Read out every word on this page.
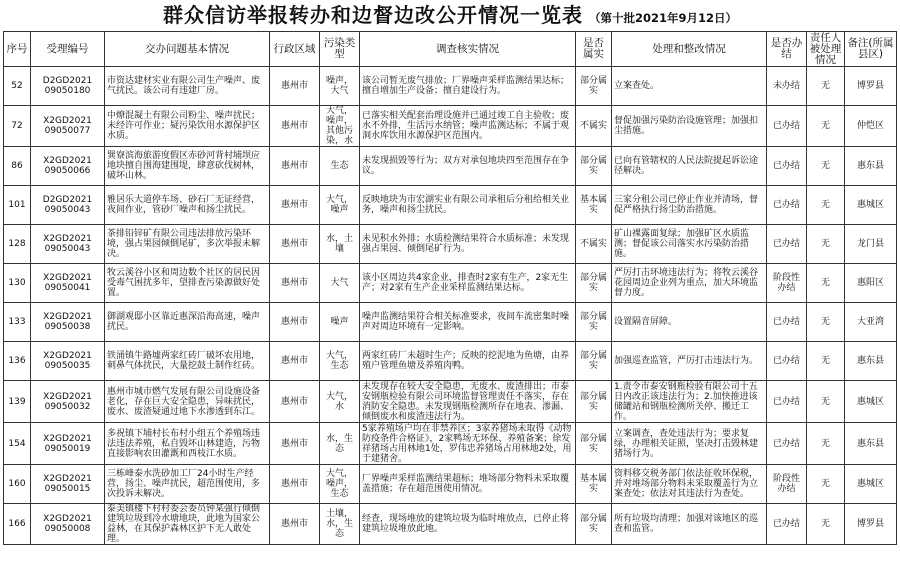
群众信访举报转办和边督边改公开情况一览表 （第十批2021年9月12日）
序号	受理编号	交办问题基本情况	行政区域	污染类型	调查核实情况	是否属实	处理和整改情况	是否办结	责任人被处理情况	备注(所属县区)
52	D2GD2021 09050180	市资达建材实业有限公司生产噪声、废气扰民。该公司有违建厂房。	惠州市	噪声，大气	该公司暂无废气排放；厂界噪声采样监测结果达标；擅自增加生产设备；擅自建设行为。	部分属实	立案查处。	未办结	无	博罗县
72	X2GD2021 09050077	中燎混凝土有限公司粉尘、噪声扰民；未经许可作业；疑污染饮用水源保护区水质。	惠州市	大气，噪声，其他污染，水	已落实相关配套治理设施并已通过竣工自主验收；废水不外排，生活污水纳管；噪声监测达标；不属于观洞水库饮用水源保护区范围内。	不属实	督促加强污染防治设施管理；加强扣尘措施。	已办结	无	仲恺区
86	X2GD2021 09050066	巽寮滨海旅游度假区赤砂河背村埔坝应地块擅自围海建围堤，肆意砍伐树林，破坏山林。	惠州市	生态	未发现损毁等行为；双方对承包地块四至范围存在争议。	部分属实	已向有管辖权的人民法院提起诉讼途径解决。	已办结	无	惠东县
101	D2GD2021 09050043	雅居乐大道停车场、砂石厂无证经营，夜间作业，管砂厂噪声和扬尘扰民。	惠州市	大气，噪声	反映地块为市宏湖实业有限公司承租后分租给相关业务，噪声和扬尘扰民。	基本属实	三家分租公司已停止作业并清场，督促严格执行扬尘防治措施。	已办结	无	惠城区
128	X2GD2021 09050043	茶排铅锌矿有限公司违法排放污染环境，强占果园倾倒尾矿，多次举报未解决。	惠州市	水，土壤	未见积水外排；水质检测结果符合水质标准；未发现强占果园、倾倒尾矿行为。	不属实	矿山裸露面复绿；加强矿区水质监测；督促该公司落实水污染防治措施。	已办结	无	龙门县
130	X2GD2021 09050041	牧云溪谷小区和周边数个社区的居民因受毒气困扰多年，望排查污染源做好处置。	惠州市	大气	该小区周边共4家企业，排查时2家有生产，2家无生产；对2家有生产企业采样监测结果达标。	部分属实	严厉打击环境违法行为；将牧云溪谷花园周边企业列为重点，加大环境监督力度。	阶段性办结	无	惠阳区
133	X2GD2021 09050038	御湖观邸小区靠近惠深沿海高速，噪声扰民。	惠州市	噪声	噪声监测结果符合相关标准要求，夜间车流密集时噪声对周边环境有一定影响。	部分属实	设置隔音屏障。	已办结	无	大亚湾
136	X2GD2021 09050035	铁涌镇牛路墟两家红砖厂破坏农用地，刺鼻气体扰民，大量挖鼓土制作红砖。	惠州市	大气，生态	两家红砖厂未超时生产；反映的挖泥地为鱼塘，由养殖户管理鱼塘及养殖肉鸭。	部分属实	加强巡查监管，严厉打击违法行为。	已办结	无	惠东县
139	X2GD2021 09050032	惠州市城市燃气发展有限公司设施设备老化，存在巨大安全隐患，异味扰民，废水、废渣疑通过地下水渗透到东江。	惠州市	大气，水	未发现存在较大安全隐患，无废水、废渣排出；市泰安钢瓶检验有限公司环境监督管理责任不落实，存在消防安全隐患。未发现钢瓶检测所存在地表、渗漏、倾倒废水和废渣违法行为。	部分属实	1.责令市泰安钢瓶检验有限公司十五日内改正该违法行为；2.加快推进该储罐站和钢瓶检测所关停、搬迁工作。	已办结	无	惠城区
154	X2GD2021 09050019	多祝镇下埔村长布村小组五个养殖场违法违法养殖，私自毁坏山林建造，污物直接影响农田灌溉和西枝江水质。	惠州市	水，生态	5家养殖场户均在非禁养区；3家养猪场未取得《动物防疫条件合格证》，2家鸭场无环保、养殖备案；徐发祥猪场占用林地1处，罗伟忠养猪场占用林地2处，用于建猪舍。	部分属实	立案调查，查处违法行为；要求复绿，办理相关证照，坚决打击毁林建猪场行为。	已办结	无	惠东县
160	X2GD2021 09050015	三栋峰泰水洗砂加工厂24小时生产经营，扬尘、噪声扰民，超范围使用，多次投诉未解决。	惠州市	大气，噪声，生态	厂界噪声采样监测结果超标；堆场部分物料未采取覆盖措施；存在超范围使用情况。	基本属实	资料移交税务部门依法征收环保税，并对堆场部分物料未采取覆盖行为立案查处；依法对其违法行为查处。	阶段性办结	无	惠城区
166	X2GD2021 09050008	泰美镇楼下村村委会委员钟某强行倾倒建筑垃圾到冷水塘地块，此地为国家公益林，在其保护森林区护下无人敢处理。	惠州市	土壤，水，生态	经查，现场堆放的建筑垃圾为临时堆放点，已停止将建筑垃圾堆放此地。	部分属实	所有垃圾均清理；加强对该地区的巡查和监管。	已办结	无	博罗县
